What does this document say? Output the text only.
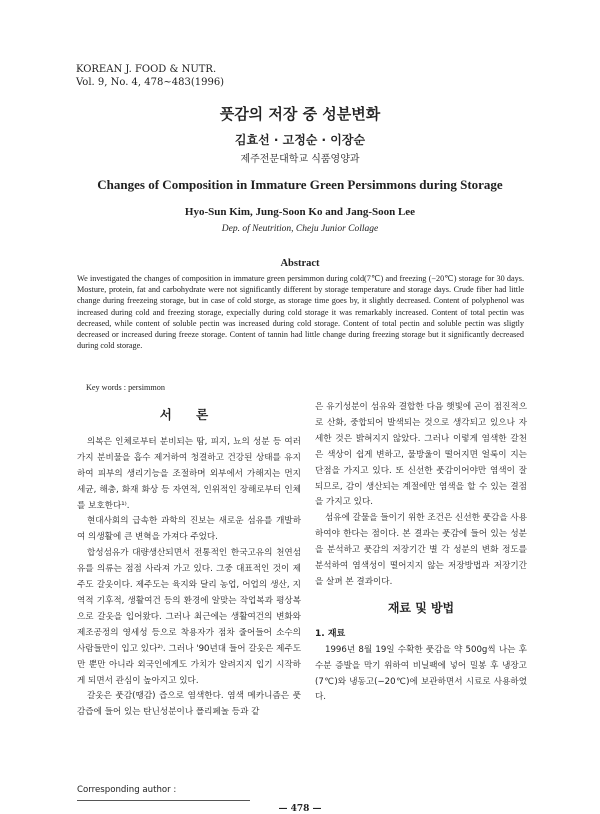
KOREAN J. FOOD & NUTR.
Vol. 9, No. 4, 478~483(1996)
풋감의 저장 중 성분변화
김효선 · 고정순 · 이장순
제주전문대학교 식품영양과
Changes of Composition in Immature Green Persimmons during Storage
Hyo-Sun Kim, Jung-Soon Ko and Jang-Soon Lee
Dep. of Neutrition, Cheju Junior Collage
Abstract
We investigated the changes of composition in immature green persimmon during cold(7℃) and freezing (−20℃) storage for 30 days. Mosture, protein, fat and carbohydrate were not significantly different by storage temperature and storage days. Crude fiber had little change during freezeing storage, but in case of cold storge, as storage time goes by, it slightly decreased. Content of polyphenol was increased during cold and freezing storage, expecially during cold storage it was remarkably increased. Content of total pectin was decreased, while content of soluble pectin was increased during cold storage. Content of total pectin and soluble pectin was sligtly decreased or increased during freeze storage. Content of tannin had little change during freezing storage but it significantly decreased during cold storage.
Key words : persimmon
서 론

의복은 인체로부터 분비되는 땀, 피지, 뇨의 성분 등 여러 가지 분비물을 흡수 제거하여 청결하고 건강된 상태를 유지하여 피부의 생리기능을 조절하며 외부에서 가해지는 먼지 세균, 해충, 화재 화상 등 자연적, 인위적인 장해로부터 인체를 보호한다¹⁾.

현대사회의 급속한 과학의 진보는 새로운 섬유를 개발하여 의생활에 큰 변혁을 가져다 주었다.

합성섬유가 대량생산되면서 전통적인 한국고유의 천연섬유를 의류는 점점 사라져 가고 있다. 그중 대표적인 것이 제주도 갈옷이다. 제주도는 육지와 달리 농업, 어업의 생산, 지역적 기후적, 생활여건 등의 환경에 알맞는 작업복과 평상복으로 갈옷을 입어왔다. 그러나 최근에는 생활여건의 변화와 제조공정의 영세성 등으로 착용자가 점차 줄어들어 소수의 사람들만이 입고 있다²⁾. 그러나 '90년대 들어 갈옷은 제주도만 뿐만 아니라 외국인에게도 가치가 알려지지 입기 시작하게 되면서 관심이 높아지고 있다.

갈옷은 풋감(땡감) 즙으로 염색한다. 염색 메카니즘은 풋감즙에 들어 있는 탄닌성분이나 폴리페놀 등과 같

은 유기성분이 섬유와 결합한 다음 햇빛에 곤이 점진적으로 산화, 중합되어 발색되는 것으로 생각되고 있으나 자세한 것은 밝혀지지 않았다. 그러나 이렇게 염색한 갈천은 색상이 쉽게 변하고, 물방울이 떨어지면 얼룩이 지는 단점을 가지고 있다. 또 신선한 풋감이어야만 염색이 잘 되므로, 감이 생산되는 계절에만 염색을 할 수 있는 결점을 가지고 있다.

섬유에 갈물을 들이기 위한 조건은 신선한 풋감을 사용하여야 한다는 점이다. 본 결과는 풋감에 들어 있는 성분을 분석하고 풋감의 저장기간 별 각 성분의 변화 정도를 분석하여 염색성이 떨어지지 않는 저장방법과 저장기간을 살펴 본 결과이다.

재료 및 방법
1. 재료

1996년 8월 19일 수확한 풋감을 약 500g씩 나는 후 수분 증발을 막기 위하여 비닐팩에 넣어 밀봉 후 냉장고(7℃)와 냉동고(−20℃)에 보관하면서 시료로 사용하였다.

Corresponding author :
— 478 —
